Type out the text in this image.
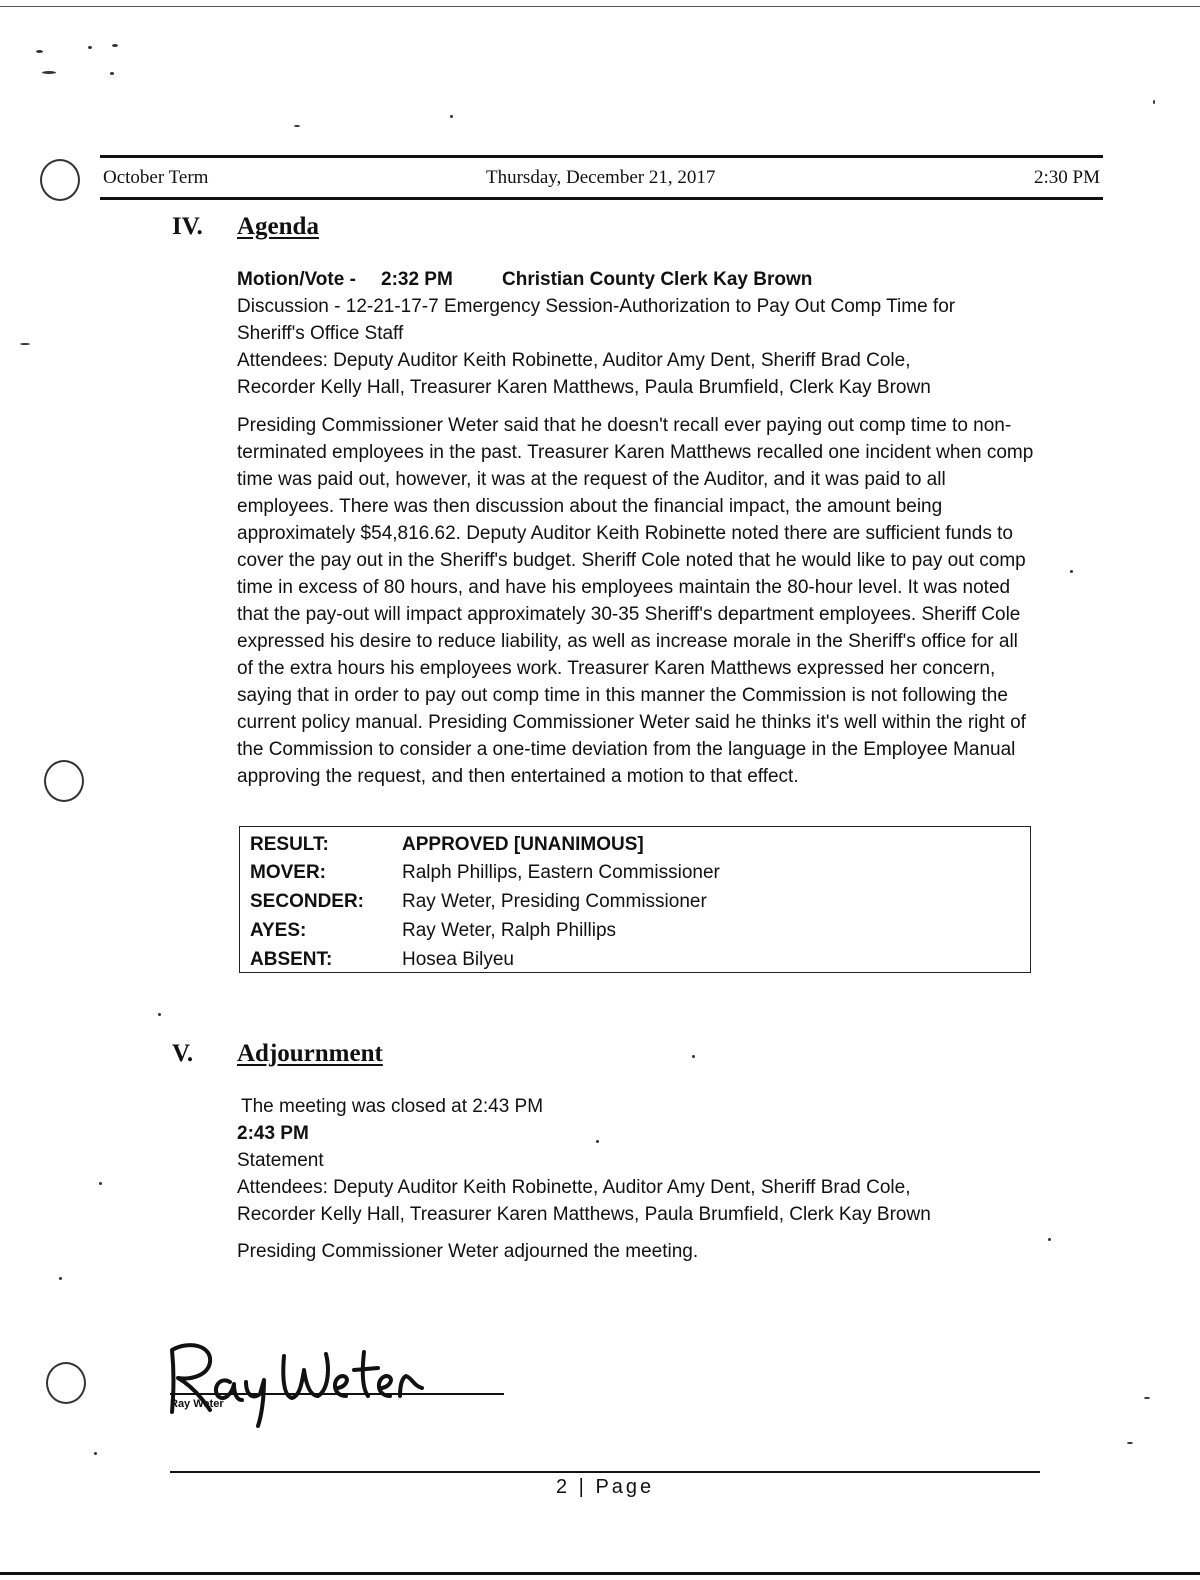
October Term	Thursday, December 21, 2017	2:30 PM
IV. Agenda
Motion/Vote - 2:32 PM	Christian County Clerk Kay Brown
Discussion - 12-21-17-7 Emergency Session-Authorization to Pay Out Comp Time for
Sheriff's Office Staff
Attendees: Deputy Auditor Keith Robinette, Auditor Amy Dent, Sheriff Brad Cole,
Recorder Kelly Hall, Treasurer Karen Matthews, Paula Brumfield, Clerk Kay Brown
Presiding Commissioner Weter said that he doesn't recall ever paying out comp time to non-terminated employees in the past. Treasurer Karen Matthews recalled one incident when comp time was paid out, however, it was at the request of the Auditor, and it was paid to all employees. There was then discussion about the financial impact, the amount being approximately $54,816.62. Deputy Auditor Keith Robinette noted there are sufficient funds to cover the pay out in the Sheriff's budget. Sheriff Cole noted that he would like to pay out comp time in excess of 80 hours, and have his employees maintain the 80-hour level. It was noted that the pay-out will impact approximately 30-35 Sheriff's department employees. Sheriff Cole expressed his desire to reduce liability, as well as increase morale in the Sheriff's office for all of the extra hours his employees work. Treasurer Karen Matthews expressed her concern, saying that in order to pay out comp time in this manner the Commission is not following the current policy manual. Presiding Commissioner Weter said he thinks it's well within the right of the Commission to consider a one-time deviation from the language in the Employee Manual approving the request, and then entertained a motion to that effect.
RESULT:	APPROVED [UNANIMOUS]
MOVER:	Ralph Phillips, Eastern Commissioner
SECONDER:	Ray Weter, Presiding Commissioner
AYES:	Ray Weter, Ralph Phillips
ABSENT:	Hosea Bilyeu
V. Adjournment
The meeting was closed at 2:43 PM
2:43 PM
Statement
Attendees: Deputy Auditor Keith Robinette, Auditor Amy Dent, Sheriff Brad Cole,
Recorder Kelly Hall, Treasurer Karen Matthews, Paula Brumfield, Clerk Kay Brown
Presiding Commissioner Weter adjourned the meeting.
Ray Weter
2 | Page
